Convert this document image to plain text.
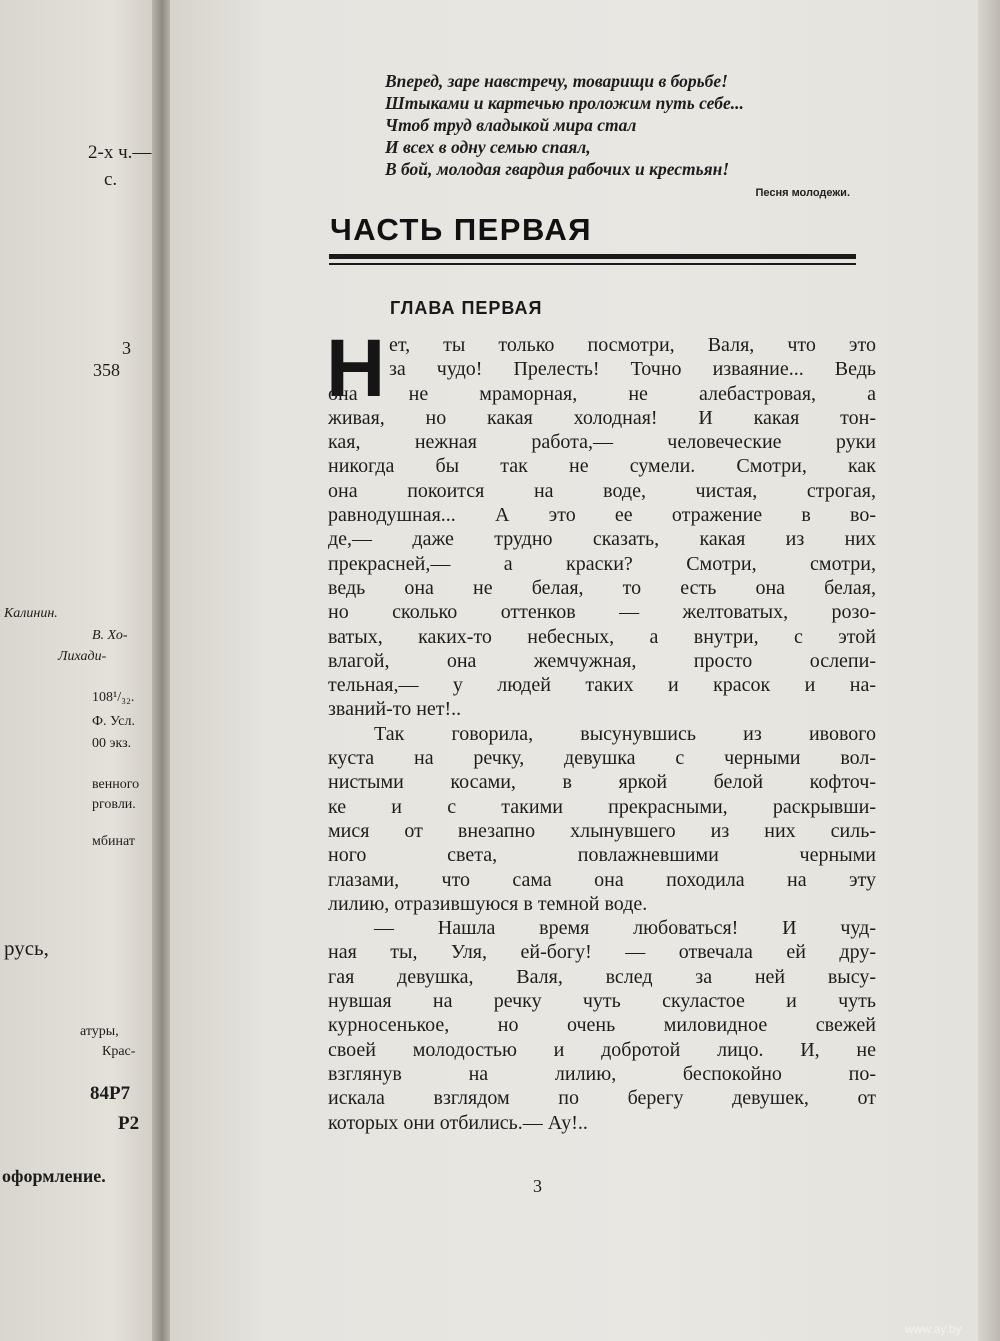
2-х ч.—
с.
3
358
Калинин.
В. Хо-
Лихади-
108¹/₃₂.
Ф. Усл.
00 экз.
венного
рговли.
мбинат
русь,
атуры,
Крас-
84Р7
Р2
оформление.
Вперед, заре навстречу, товарищи в борьбе!
Штыками и картечью проложим путь себе...
Чтоб труд владыкой мира стал
И всех в одну семью спаял,
В бой, молодая гвардия рабочих и крестьян!
Песня молодежи.
ЧАСТЬ ПЕРВАЯ
ГЛАВА ПЕРВАЯ
Н ет, ты только посмотри, Валя, что это
за чудо! Прелесть! Точно изваяние... Ведь
она не мраморная, не алебастровая, а
живая, но какая холодная! И какая тон-
кая, нежная работа,— человеческие руки
никогда бы так не сумели. Смотри, как
она покоится на воде, чистая, строгая,
равнодушная... А это ее отражение в во-
де,— даже трудно сказать, какая из них
прекрасней,— а краски? Смотри, смотри,
ведь она не белая, то есть она белая,
но сколько оттенков — желтоватых, розо-
ватых, каких-то небесных, а внутри, с этой
влагой, она жемчужная, просто ослепи-
тельная,— у людей таких и красок и на-
званий-то нет!..
Так говорила, высунувшись из ивового
куста на речку, девушка с черными вол-
нистыми косами, в яркой белой кофточ-
ке и с такими прекрасными, раскрывши-
мися от внезапно хлынувшего из них силь-
ного света, повлажневшими черными
глазами, что сама она походила на эту
лилию, отразившуюся в темной воде.
— Нашла время любоваться! И чуд-
ная ты, Уля, ей-богу! — отвечала ей дру-
гая девушка, Валя, вслед за ней высу-
нувшая на речку чуть скуластое и чуть
курносенькое, но очень миловидное свежей
своей молодостью и добротой лицо. И, не
взглянув на лилию, беспокойно по-
искала взглядом по берегу девушек, от
которых они отбились.— Ау!..
3
www.ay.by
